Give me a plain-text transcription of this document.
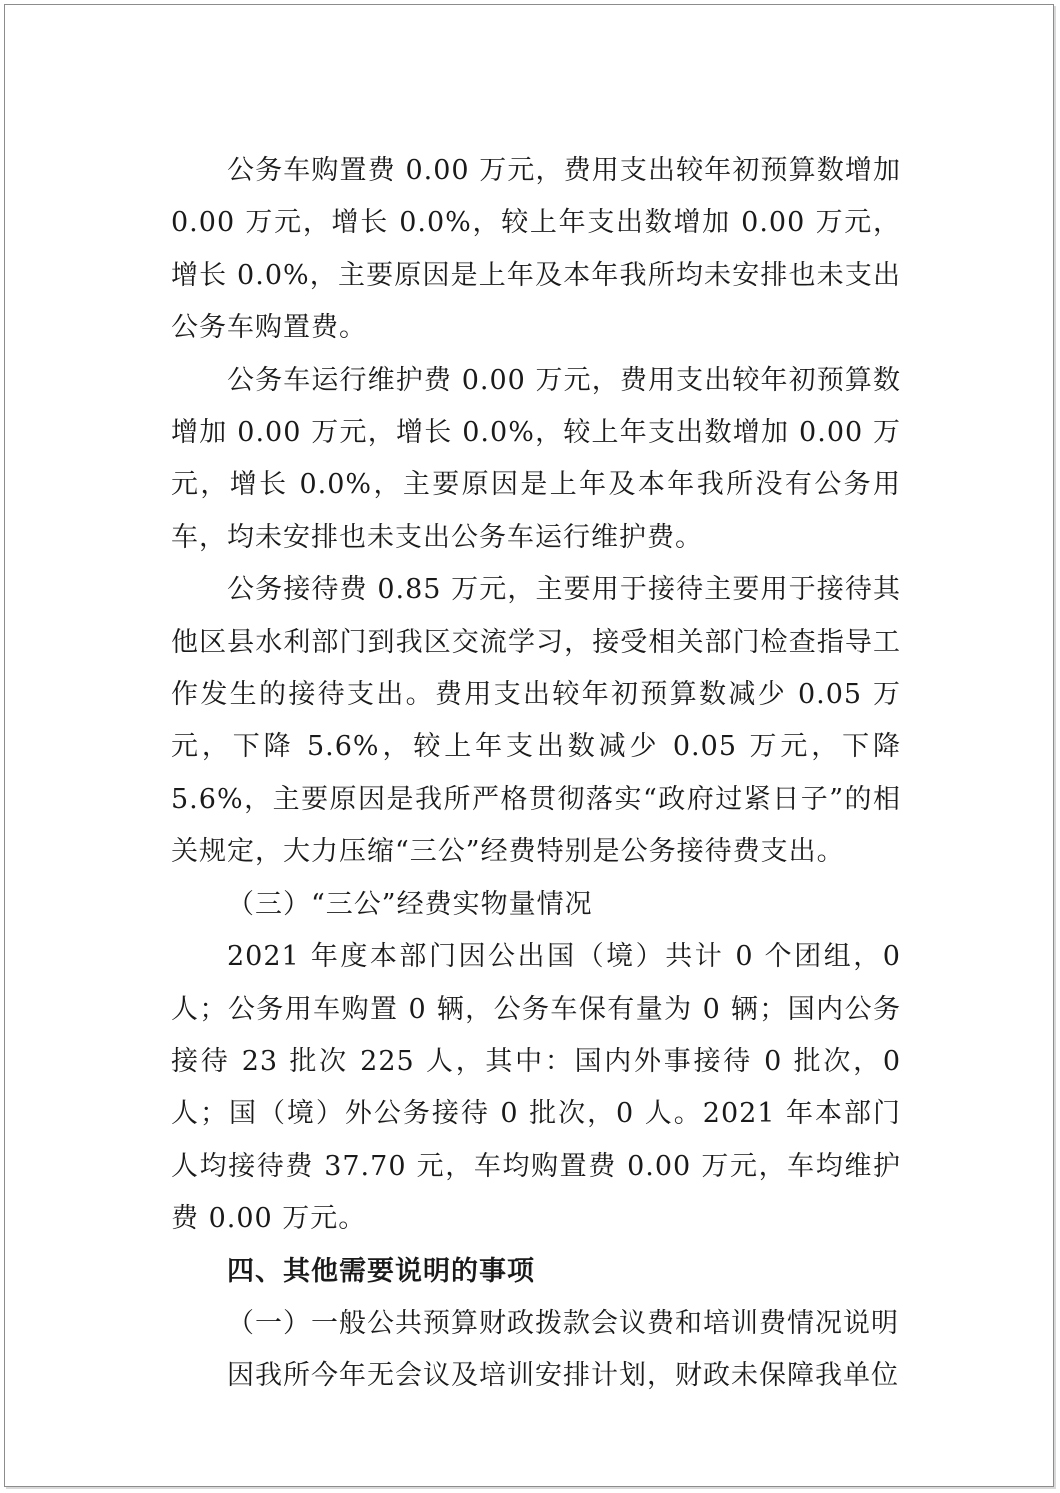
公务车购置费 0.00 万元，费用支出较年初预算数增加 0.00 万元，增长 0.0%，较上年支出数增加 0.00 万元，增长 0.0%，主要原因是上年及本年我所均未安排也未支出公务车购置费。

公务车运行维护费 0.00 万元，费用支出较年初预算数增加 0.00 万元，增长 0.0%，较上年支出数增加 0.00 万元，增长 0.0%，主要原因是上年及本年我所没有公务用车，均未安排也未支出公务车运行维护费。

公务接待费 0.85 万元，主要用于接待主要用于接待其他区县水利部门到我区交流学习，接受相关部门检查指导工作发生的接待支出。费用支出较年初预算数减少 0.05 万元，下降 5.6%，较上年支出数减少 0.05 万元，下降 5.6%，主要原因是我所严格贯彻落实“政府过紧日子”的相关规定，大力压缩“三公”经费特别是公务接待费支出。

（三）“三公”经费实物量情况

2021 年度本部门因公出国（境）共计 0 个团组，0 人；公务用车购置 0 辆，公务车保有量为 0 辆；国内公务接待 23 批次 225 人，其中：国内外事接待 0 批次，0 人；国（境）外公务接待 0 批次，0 人。2021 年本部门人均接待费 37.70 元，车均购置费 0.00 万元，车均维护费 0.00 万元。

四、其他需要说明的事项

（一）一般公共预算财政拨款会议费和培训费情况说明

因我所今年无会议及培训安排计划，财政未保障我单位
